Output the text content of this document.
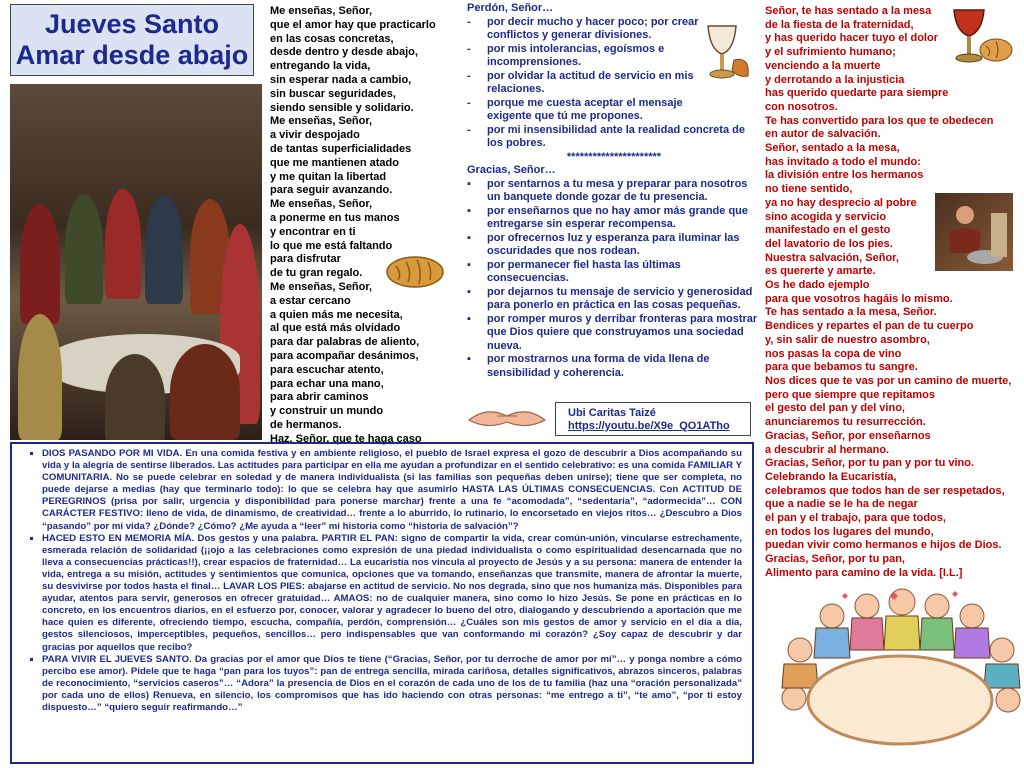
Jueves Santo
Amar desde abajo
Me enseñas, Señor,
que el amor hay que practicarlo
en las cosas concretas,
desde dentro y desde abajo,
entregando la vida,
sin esperar nada a cambio,
sin buscar seguridades,
siendo sensible y solidario.
Me enseñas, Señor,
a vivir despojado
de tantas superficialidades
que me mantienen atado
y me quitan la libertad
para seguir avanzando.
Me enseñas, Señor,
a ponerme en tus manos
y encontrar en ti
lo que me está faltando
para disfrutar
de tu gran regalo.
Me enseñas, Señor,
a estar cercano
a quien más me necesita,
al que está más olvidado
para dar palabras de aliento,
para acompañar desánimos,
para escuchar atento,
para echar una mano,
para abrir caminos
y construir un mundo
de hermanos.
Haz, Señor, que te haga caso
Perdón, Señor…
-	por decir mucho y hacer poco; por crear conflictos y generar divisiones.
-	por mis intolerancias, egoísmos e incomprensiones.
-	por olvidar la actitud de servicio en mis relaciones.
-	porque me cuesta aceptar el mensaje exigente que tú me propones.
-	por mi insensibilidad ante la realidad concreta de los pobres.
**********************
Gracias, Señor…
▪	por sentarnos a tu mesa y preparar para nosotros un banquete donde gozar de tu presencia.
▪	por enseñarnos que no hay amor más grande que entregarse sin esperar recompensa.
▪	por ofrecernos luz y esperanza para iluminar las oscuridades que nos rodean.
▪	por permanecer fiel hasta las últimas consecuencias.
▪	por dejarnos tu mensaje de servicio y generosidad para ponerlo en práctica en las cosas pequeñas.
▪	por romper muros y derribar fronteras para mostrar que Dios quiere que construyamos una sociedad nueva.
▪	por mostrarnos una forma de vida llena de sensibilidad y coherencia.
Ubi Caritas Taizé
https://youtu.be/X9e_QO1ATho
Señor, te has sentado a la mesa
de la fiesta de la fraternidad,
y has querido hacer tuyo el dolor
y el sufrimiento humano;
venciendo a la muerte
y derrotando a la injusticia
has querido quedarte para siempre
con nosotros.
Te has convertido para los que te obedecen
en autor de salvación.
Señor, sentado a la mesa,
has invitado a todo el mundo:
la división entre los hermanos
no tiene sentido,
ya no hay desprecio al pobre
sino acogida y servicio
manifestado en el gesto
del lavatorio de los pies.
Nuestra salvación, Señor,
es quererte y amarte.
Os he dado ejemplo
para que vosotros hagáis lo mismo.
Te has sentado a la mesa, Señor.
Bendices y repartes el pan de tu cuerpo
y, sin salir de nuestro asombro,
nos pasas la copa de vino
para que bebamos tu sangre.
Nos dices que te vas por un camino de muerte,
pero que siempre que repitamos
el gesto del pan y del vino,
anunciaremos tu resurrección.
Gracias, Señor, por enseñarnos
a descubrir al hermano.
Gracias, Señor, por tu pan y por tu vino.
Celebrando la Eucaristía,
celebramos que todos han de ser respetados,
que a nadie se le ha de negar
el pan y el trabajo, para que todos,
en todos los lugares del mundo,
puedan vivir como hermanos e hijos de Dios.
Gracias, Señor, por tu pan,
Alimento para camino de la vida. [I.L.]
▪ DIOS PASANDO POR MI VIDA. En una comida festiva y en ambiente religioso, el pueblo de Israel expresa el gozo de descubrir a Dios acompañando su vida y la alegría de sentirse liberados. Las actitudes para participar en ella me ayudan a profundizar en el sentido celebrativo: es una comida FAMILIAR Y COMUNITARIA. No se puede celebrar en soledad y de manera individualista (si las familias son pequeñas deben unirse); tiene que ser completa, no puede dejarse a medias (hay que terminarlo todo): lo que se celebra hay que asumirlo HASTA LAS ÚLTIMAS CONSECUENCIAS. Con ACTITUD DE PEREGRINOS (prisa por salir, urgencia y disponibilidad para ponerse marchar) frente a una fe “acomodada”, “sedentaria”, “adormecida”… CON CARÁCTER FESTIVO: lleno de vida, de dinamismo, de creatividad… frente a lo aburrido, lo rutinario, lo encorsetado en viejos ritos… ¿Descubro a Dios “pasando” por mi vida? ¿Dónde? ¿Cómo? ¿Me ayuda a “leer” mi historia como “historia de salvación”?
▪ HACED ESTO EN MEMORIA MÍA. Dos gestos y una palabra. PARTIR EL PAN: signo de compartir la vida, crear común-unión, vincularse estrechamente, esmerada relación de solidaridad (¡¡ojo a las celebraciones como expresión de una piedad individualista o como espiritualidad desencarnada que no lleva a consecuencias prácticas!!), crear espacios de fraternidad… La eucaristía nos vincula al proyecto de Jesús y a su persona: manera de entender la vida, entrega a su misión, actitudes y sentimientos que comunica, opciones que va tomando, enseñanzas que transmite, manera de afrontar la muerte, su desvivirse por todos hasta el final… LAVAR LOS PIES: abajarse en actitud de servicio. No nos degrada, sino que nos humaniza más. Disponibles para ayudar, atentos para servir, generosos en ofrecer gratuidad… AMAOS: no de cualquier manera, sino como lo hizo Jesús. Se pone en prácticas en lo concreto, en los encuentros diarios, en el esfuerzo por, conocer, valorar y agradecer lo bueno del otro, dialogando y descubriendo a aportación que me hace quien es diferente, ofreciendo tiempo, escucha, compañía, perdón, comprensión… ¿Cuáles son mis gestos de amor y servicio en el día a día, gestos silenciosos, imperceptibles, pequeños, sencillos… pero indispensables que van conformando mi corazón? ¿Soy capaz de descubrir y dar gracias por aquellos que recibo?
▪ PARA VIVIR EL JUEVES SANTO. Da gracias por el amor que Dios te tiene (“Gracias, Señor, por tu derroche de amor por mí”… y ponga nombre a cómo percibo ese amor). Pídele que te haga “pan para los tuyos”: pan de entrega sencilla, mirada cariñosa, detalles significativos, abrazos sinceros, palabras de reconocimiento, “servicios caseros”… “Adora” la presencia de Dios en el corazón de cada uno de los de tu familia (haz una “oración personalizada” por cada uno de ellos) Renueva, en silencio, los compromisos que has ido haciendo con otras personas: “me entrego a ti”, “te amo”, “por ti estoy dispuesto…” “quiero seguir reafirmando…”
